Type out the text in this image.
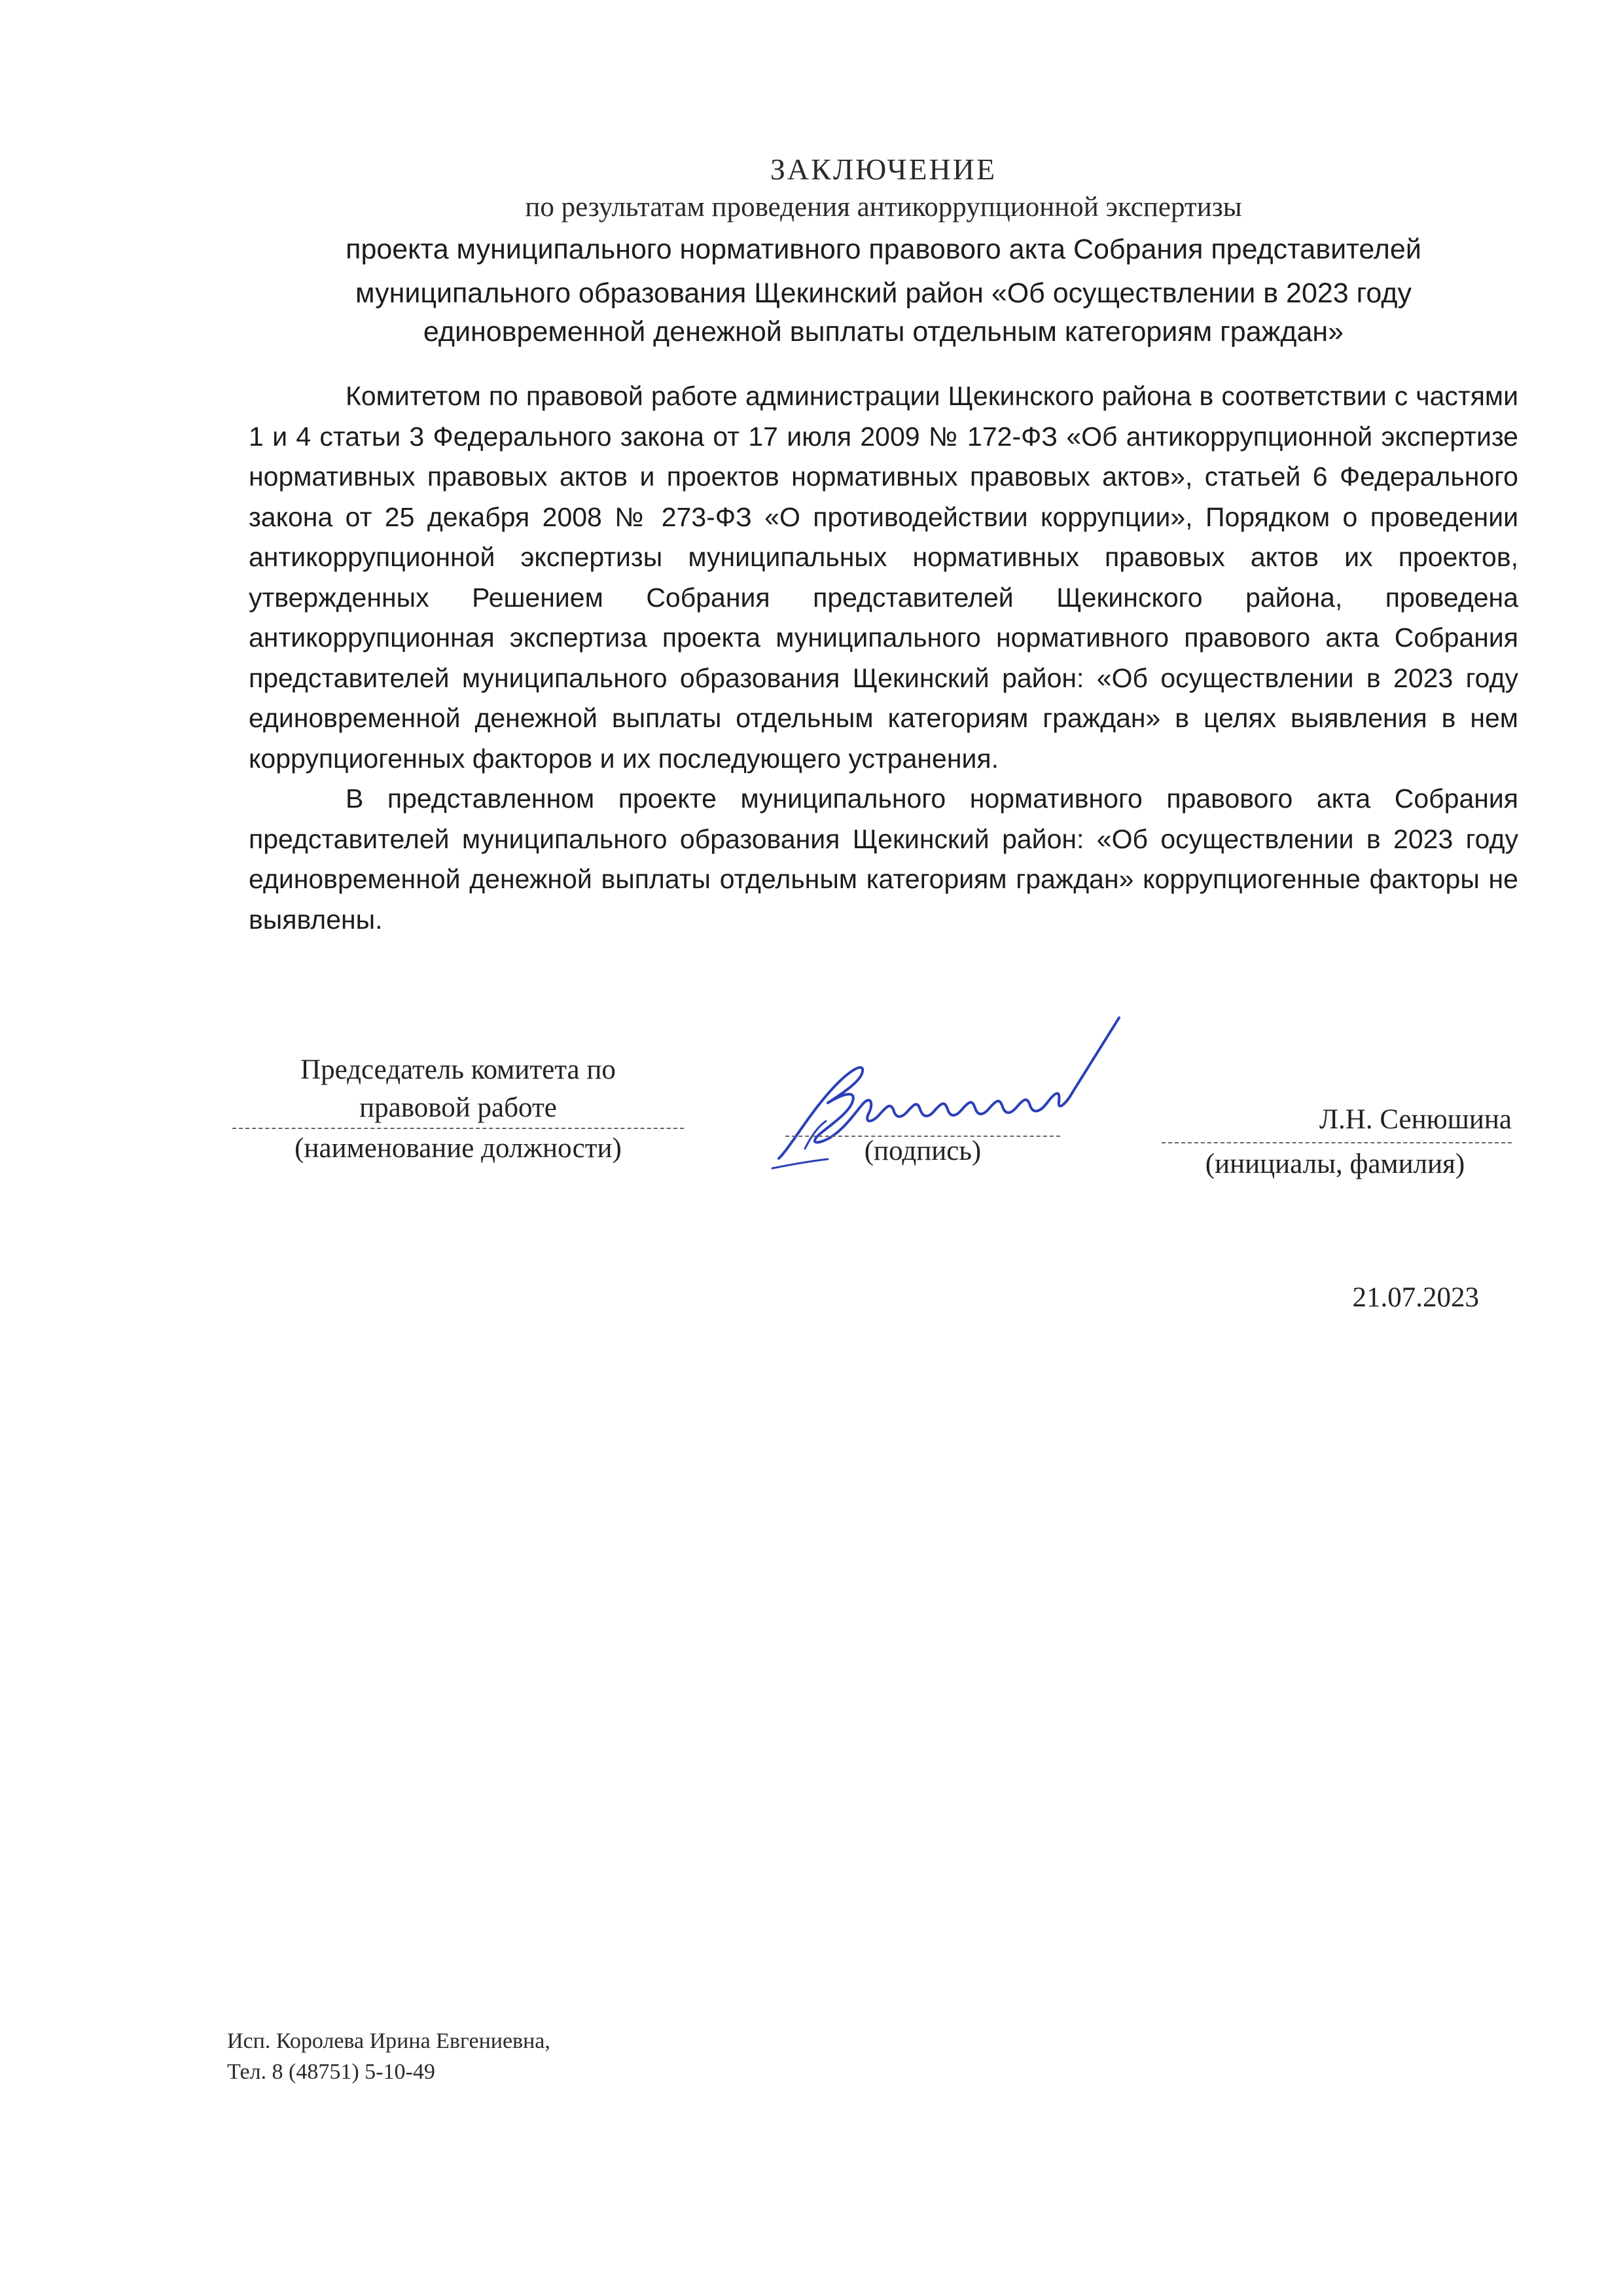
ЗАКЛЮЧЕНИЕ
по результатам проведения антикоррупционной экспертизы
проекта муниципального нормативного правового акта Собрания представителей
муниципального образования Щекинский район «Об осуществлении в 2023 году
единовременной денежной выплаты отдельным категориям граждан»

Комитетом по правовой работе администрации Щекинского района в соответствии с частями 1 и 4 статьи 3 Федерального закона от 17 июля 2009 № 172-ФЗ «Об антикоррупционной экспертизе нормативных правовых актов и проектов нормативных правовых актов», статьей 6 Федерального закона от 25 декабря 2008 № 273-ФЗ «О противодействии коррупции», Порядком о проведении антикоррупционной экспертизы муниципальных нормативных правовых актов их проектов, утвержденных Решением Собрания представителей Щекинского района, проведена антикоррупционная экспертиза проекта муниципального нормативного правового акта Собрания представителей муниципального образования Щекинский район: «Об осуществлении в 2023 году единовременной денежной выплаты отдельным категориям граждан» в целях выявления в нем коррупциогенных факторов и их последующего устранения.

В представленном проекте муниципального нормативного правового акта Собрания представителей муниципального образования Щекинский район: «Об осуществлении в 2023 году единовременной денежной выплаты отдельным категориям граждан» коррупциогенные факторы не выявлены.

Председатель комитета по
правовой работе
(наименование должности)	(подпись)
Л.Н. Сенюшина
(инициалы, фамилия)
21.07.2023
Исп. Королева Ирина Евгениевна,
Тел. 8 (48751) 5-10-49
